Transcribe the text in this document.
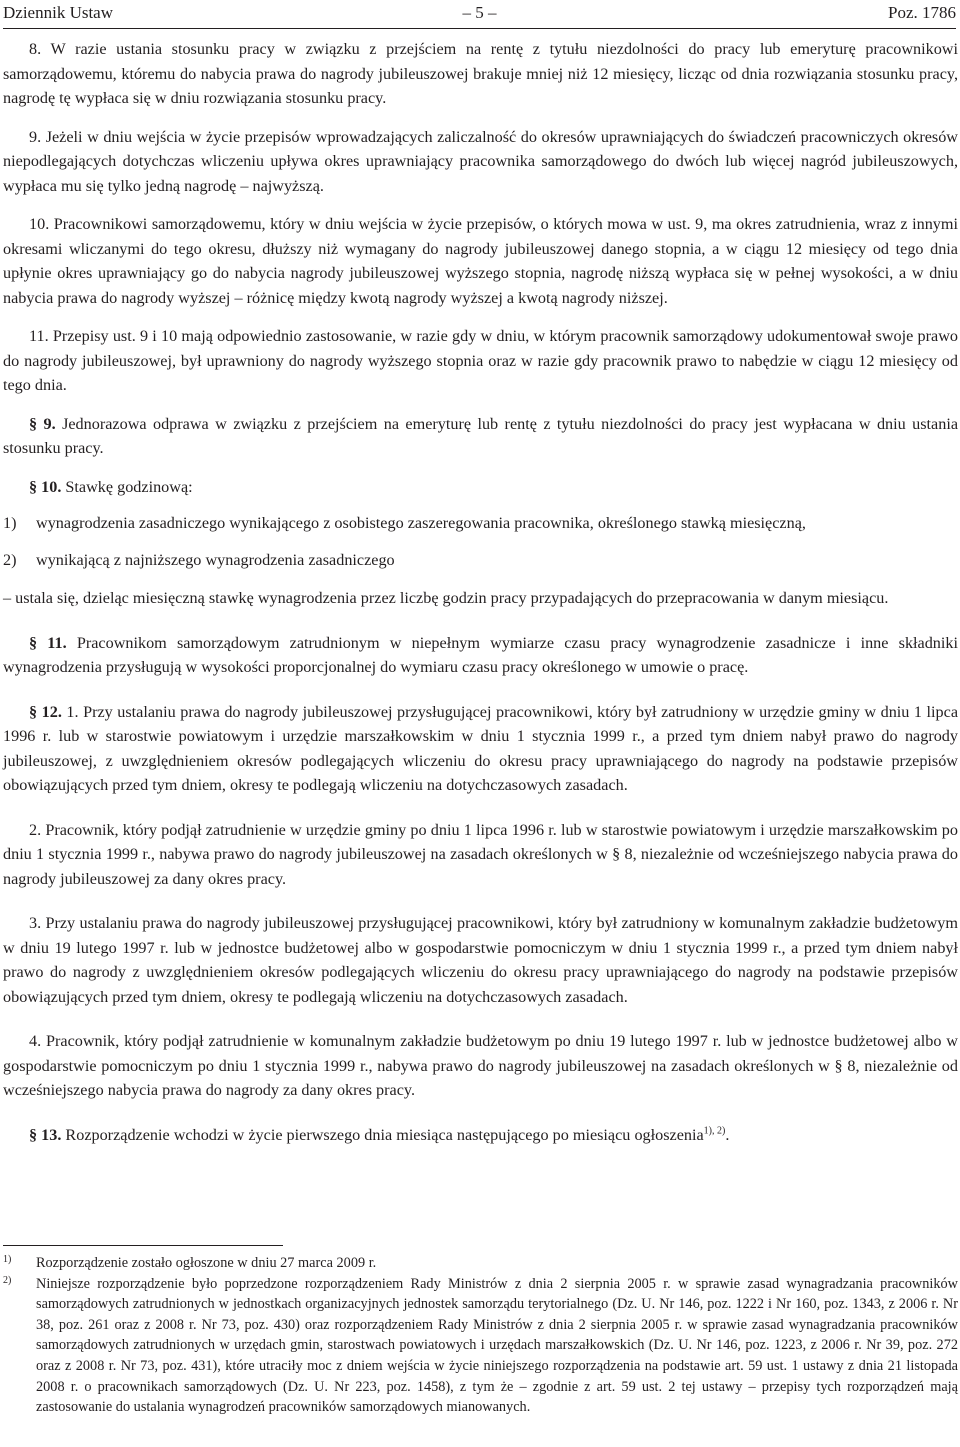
Dziennik Ustaw	– 5 –	Poz. 1786

8. W razie ustania stosunku pracy w związku z przejściem na rentę z tytułu niezdolności do pracy lub emeryturę pracownikowi samorządowemu, któremu do nabycia prawa do nagrody jubileuszowej brakuje mniej niż 12 miesięcy, licząc od dnia rozwiązania stosunku pracy, nagrodę tę wypłaca się w dniu rozwiązania stosunku pracy.

9. Jeżeli w dniu wejścia w życie przepisów wprowadzających zaliczalność do okresów uprawniających do świadczeń pracowniczych okresów niepodlegających dotychczas wliczeniu upływa okres uprawniający pracownika samorządowego do dwóch lub więcej nagród jubileuszowych, wypłaca mu się tylko jedną nagrodę – najwyższą.

10. Pracownikowi samorządowemu, który w dniu wejścia w życie przepisów, o których mowa w ust. 9, ma okres zatrudnienia, wraz z innymi okresami wliczanymi do tego okresu, dłuższy niż wymagany do nagrody jubileuszowej danego stopnia, a w ciągu 12 miesięcy od tego dnia upłynie okres uprawniający go do nabycia nagrody jubileuszowej wyższego stopnia, nagrodę niższą wypłaca się w pełnej wysokości, a w dniu nabycia prawa do nagrody wyższej – różnicę między kwotą nagrody wyższej a kwotą nagrody niższej.

11. Przepisy ust. 9 i 10 mają odpowiednio zastosowanie, w razie gdy w dniu, w którym pracownik samorządowy udokumentował swoje prawo do nagrody jubileuszowej, był uprawniony do nagrody wyższego stopnia oraz w razie gdy pracownik prawo to nabędzie w ciągu 12 miesięcy od tego dnia.

§ 9. Jednorazowa odprawa w związku z przejściem na emeryturę lub rentę z tytułu niezdolności do pracy jest wypłacana w dniu ustania stosunku pracy.

§ 10. Stawkę godzinową:

1)	wynagrodzenia zasadniczego wynikającego z osobistego zaszeregowania pracownika, określonego stawką miesięczną,

2)	wynikającą z najniższego wynagrodzenia zasadniczego

– ustala się, dzieląc miesięczną stawkę wynagrodzenia przez liczbę godzin pracy przypadających do przepracowania w danym miesiącu.

§ 11. Pracownikom samorządowym zatrudnionym w niepełnym wymiarze czasu pracy wynagrodzenie zasadnicze i inne składniki wynagrodzenia przysługują w wysokości proporcjonalnej do wymiaru czasu pracy określonego w umowie o pracę.

§ 12. 1. Przy ustalaniu prawa do nagrody jubileuszowej przysługującej pracownikowi, który był zatrudniony w urzędzie gminy w dniu 1 lipca 1996 r. lub w starostwie powiatowym i urzędzie marszałkowskim w dniu 1 stycznia 1999 r., a przed tym dniem nabył prawo do nagrody jubileuszowej, z uwzględnieniem okresów podlegających wliczeniu do okresu pracy uprawniającego do nagrody na podstawie przepisów obowiązujących przed tym dniem, okresy te podlegają wliczeniu na dotychczasowych zasadach.

2. Pracownik, który podjął zatrudnienie w urzędzie gminy po dniu 1 lipca 1996 r. lub w starostwie powiatowym i urzędzie marszałkowskim po dniu 1 stycznia 1999 r., nabywa prawo do nagrody jubileuszowej na zasadach określonych w § 8, niezależnie od wcześniejszego nabycia prawa do nagrody jubileuszowej za dany okres pracy.

3. Przy ustalaniu prawa do nagrody jubileuszowej przysługującej pracownikowi, który był zatrudniony w komunalnym zakładzie budżetowym w dniu 19 lutego 1997 r. lub w jednostce budżetowej albo w gospodarstwie pomocniczym w dniu 1 stycznia 1999 r., a przed tym dniem nabył prawo do nagrody z uwzględnieniem okresów podlegających wliczeniu do okresu pracy uprawniającego do nagrody na podstawie przepisów obowiązujących przed tym dniem, okresy te podlegają wliczeniu na dotychczasowych zasadach.

4. Pracownik, który podjął zatrudnienie w komunalnym zakładzie budżetowym po dniu 19 lutego 1997 r. lub w jednostce budżetowej albo w gospodarstwie pomocniczym po dniu 1 stycznia 1999 r., nabywa prawo do nagrody jubileuszowej na zasadach określonych w § 8, niezależnie od wcześniejszego nabycia prawa do nagrody za dany okres pracy.

§ 13. Rozporządzenie wchodzi w życie pierwszego dnia miesiąca następującego po miesiącu ogłoszenia$^{1), 2)}$.

1)	Rozporządzenie zostało ogłoszone w dniu 27 marca 2009 r.
2)	Niniejsze rozporządzenie było poprzedzone rozporządzeniem Rady Ministrów z dnia 2 sierpnia 2005 r. w sprawie zasad wynagradzania pracowników samorządowych zatrudnionych w jednostkach organizacyjnych jednostek samorządu terytorialnego (Dz. U. Nr 146, poz. 1222 i Nr 160, poz. 1343, z 2006 r. Nr 38, poz. 261 oraz z 2008 r. Nr 73, poz. 430) oraz rozporządzeniem Rady Ministrów z dnia 2 sierpnia 2005 r. w sprawie zasad wynagradzania pracowników samorządowych zatrudnionych w urzędach gmin, starostwach powiatowych i urzędach marszałkowskich (Dz. U. Nr 146, poz. 1223, z 2006 r. Nr 39, poz. 272 oraz z 2008 r. Nr 73, poz. 431), które utraciły moc z dniem wejścia w życie niniejszego rozporządzenia na podstawie art. 59 ust. 1 ustawy z dnia 21 listopada 2008 r. o pracownikach samorządowych (Dz. U. Nr 223, poz. 1458), z tym że – zgodnie z art. 59 ust. 2 tej ustawy – przepisy tych rozporządzeń mają zastosowanie do ustalania wynagrodzeń pracowników samorządowych mianowanych.
